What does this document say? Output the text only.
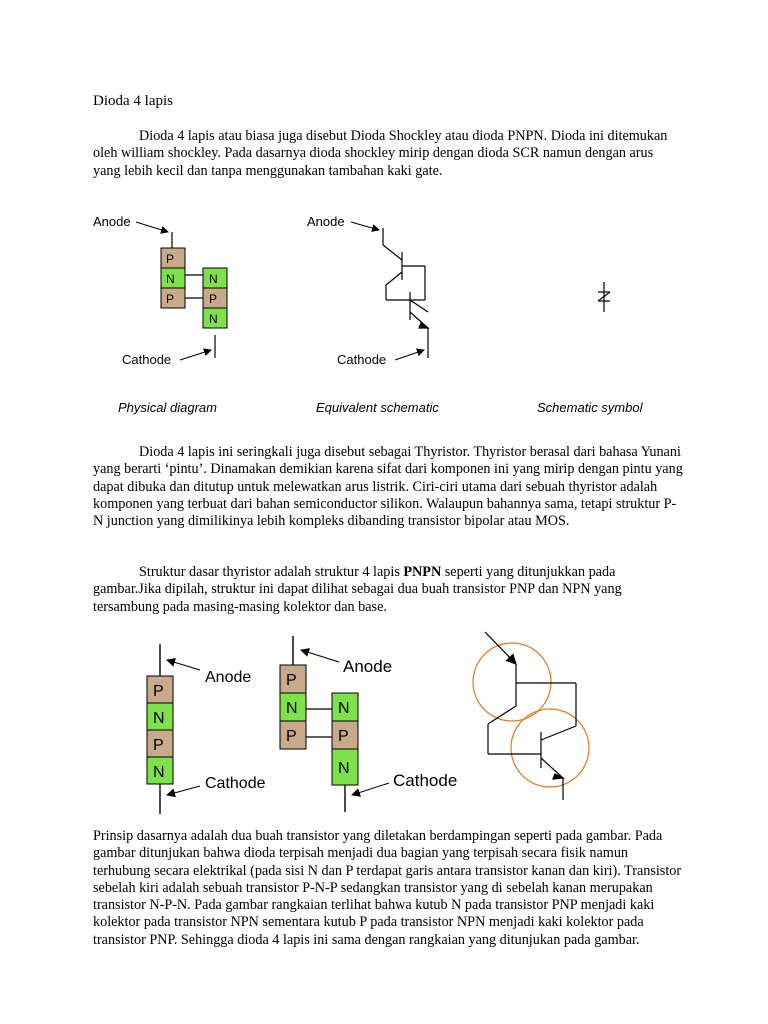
Dioda 4 lapis
Dioda 4 lapis atau biasa juga disebut Dioda Shockley atau dioda PNPN. Dioda ini ditemukan oleh william shockley. Pada dasarnya dioda shockley mirip dengan dioda SCR namun dengan arus yang lebih kecil dan tanpa menggunakan tambahan kaki gate.
P
N
P
N
P
N
Anode
Cathode
Anode
Cathode
Physical diagram	Equivalent schematic	Schematic symbol
Dioda 4 lapis ini seringkali juga disebut sebagai Thyristor. Thyristor berasal dari bahasa Yunani yang berarti ‘pintu’. Dinamakan demikian karena sifat dari komponen ini yang mirip dengan pintu yang dapat dibuka dan ditutup untuk melewatkan arus listrik. Ciri-ciri utama dari sebuah thyristor adalah komponen yang terbuat dari bahan semiconductor silikon. Walaupun bahannya sama, tetapi struktur P-N junction yang dimilikinya lebih kompleks dibanding transistor bipolar atau MOS.
Struktur dasar thyristor adalah struktur 4 lapis PNPN seperti yang ditunjukkan pada gambar.Jika dipilah, struktur ini dapat dilihat sebagai dua buah transistor PNP dan NPN yang tersambung pada masing-masing kolektor dan base.
P
N
P
N
Anode
Cathode
P
N
P
N
P
N
Anode
Cathode
Prinsip dasarnya adalah dua buah transistor yang diletakan berdampingan seperti pada gambar. Pada gambar ditunjukan bahwa dioda terpisah menjadi dua bagian yang terpisah secara fisik namun terhubung secara elektrikal (pada sisi N dan P terdapat garis antara transistor kanan dan kiri). Transistor sebelah kiri adalah sebuah transistor P-N-P sedangkan transistor yang di sebelah kanan merupakan transistor N-P-N. Pada gambar rangkaian terlihat bahwa kutub N pada transistor PNP menjadi kaki kolektor pada transistor NPN sementara kutub P pada transistor NPN menjadi kaki kolektor pada transistor PNP. Sehingga dioda 4 lapis ini sama dengan rangkaian yang ditunjukan pada gambar.
